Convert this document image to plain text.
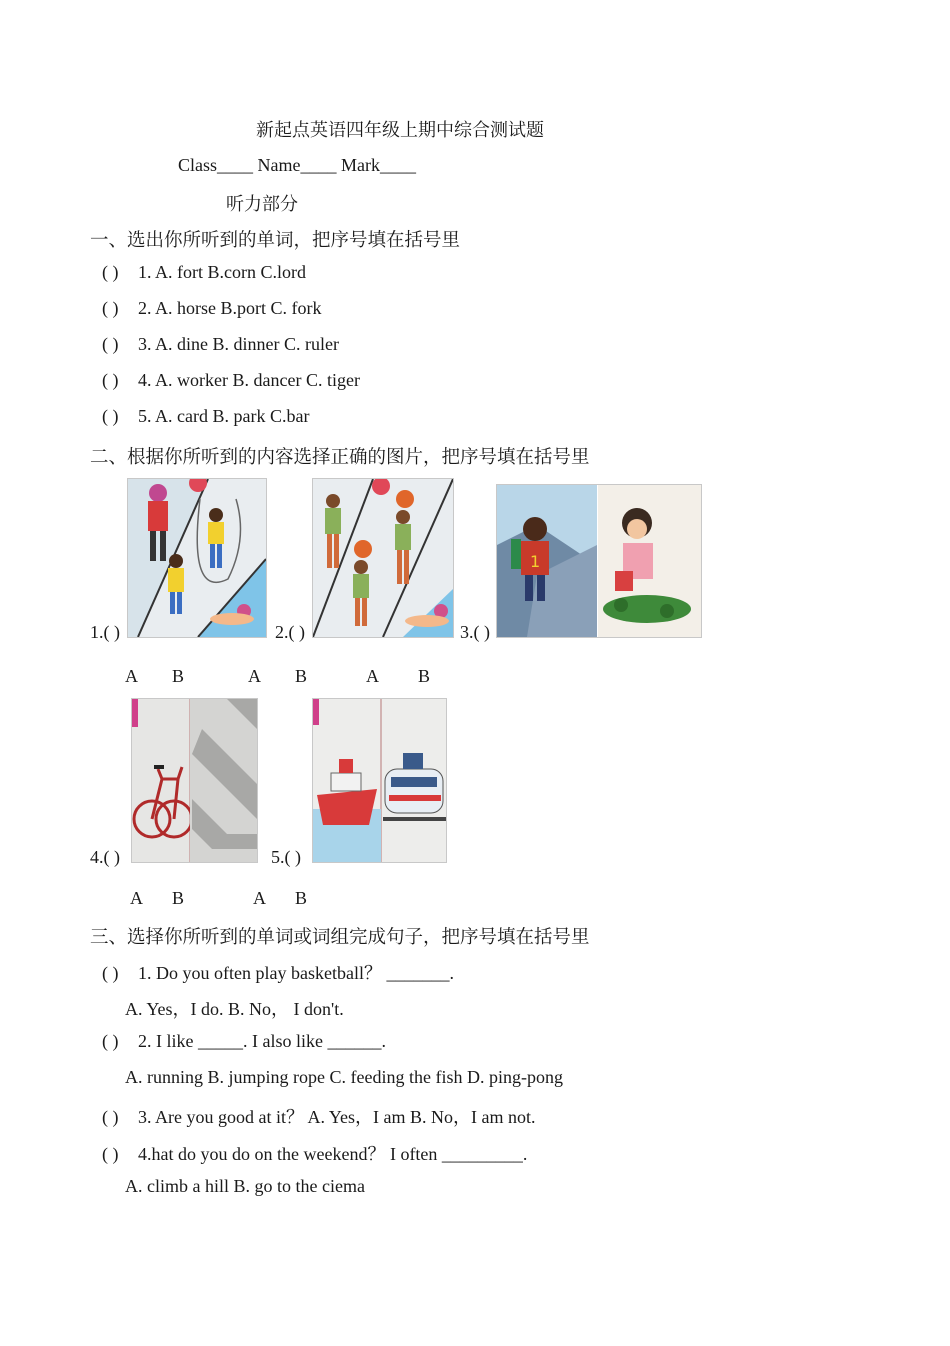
新起点英语四年级上期中综合测试题
Class____ Name____ Mark____
听力部分
一、选出你所听到的单词，把序号填在括号里
( ) 1. A. fort B.corn C.lord
( ) 2. A. horse B.port C. fork
( ) 3. A. dine B. dinner C. ruler
( ) 4. A. worker B. dancer C. tiger
( ) 5. A. card B. park C.bar
二、根据你所听到的内容选择正确的图片，把序号填在括号里
1.( )
A B
2.( )
A B
3.( )
1
A B
4.( )
A B
5.( )
A B
三、选择你所听到的单词或词组完成句子，把序号填在括号里
( ) 1. Do you often play basketball？ _______.
A. Yes，I do. B. No， I don't.
( ) 2. I like _____. I also like ______.
A. running B. jumping rope C. feeding the fish D. ping-pong
( ) 3. Are you good at it？ A. Yes，I am B. No，I am not.
( ) 4.hat do you do on the weekend？ I often _________.
A. climb a hill B. go to the ciema
